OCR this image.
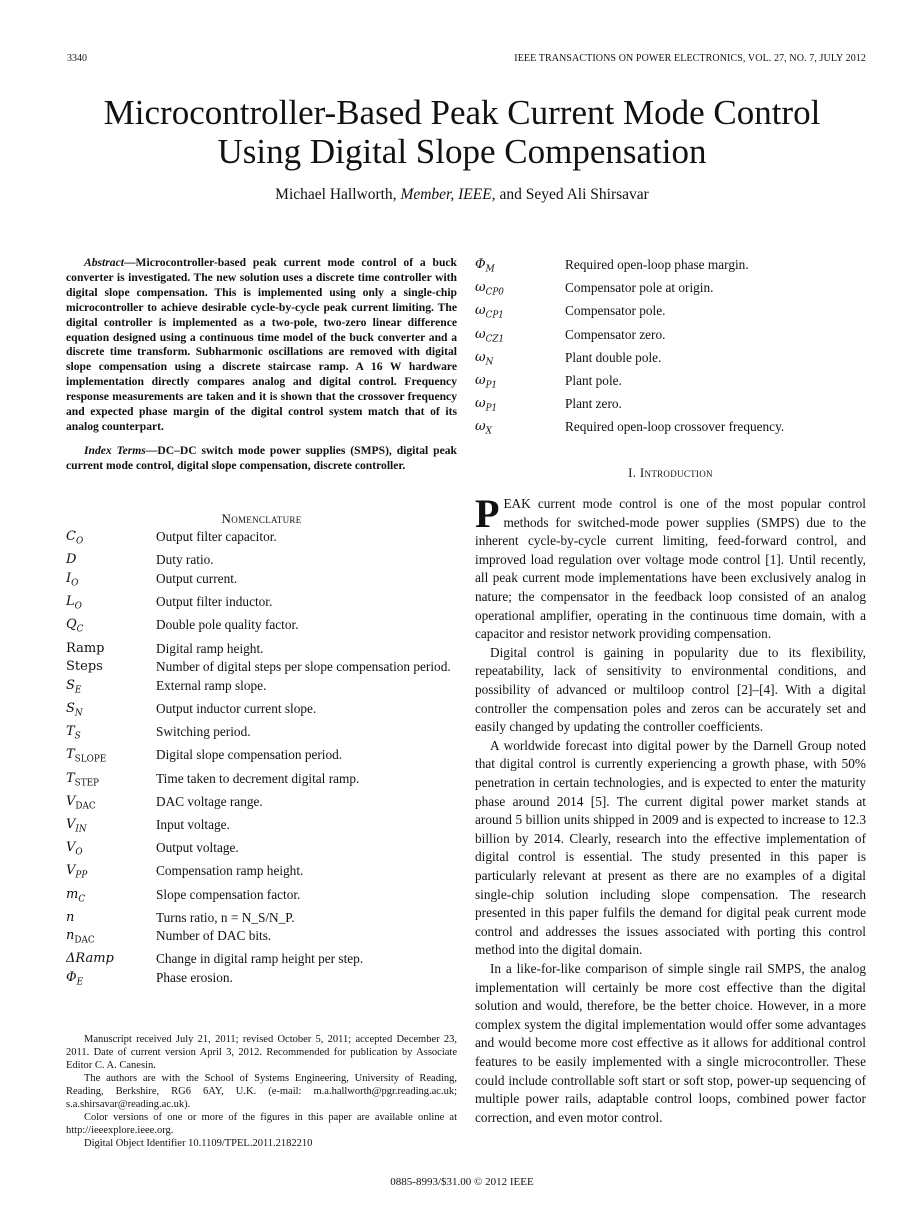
3340	IEEE TRANSACTIONS ON POWER ELECTRONICS, VOL. 27, NO. 7, JULY 2012
Microcontroller-Based Peak Current Mode Control
Using Digital Slope Compensation
Michael Hallworth, Member, IEEE, and Seyed Ali Shirsavar

Abstract—Microcontroller-based peak current mode control of a buck converter is investigated. The new solution uses a discrete time controller with digital slope compensation. This is implemented using only a single-chip microcontroller to achieve desirable cycle-by-cycle peak current limiting. The digital controller is implemented as a two-pole, two-zero linear difference equation designed using a continuous time model of the buck converter and a discrete time transform. Subharmonic oscillations are removed with digital slope compensation using a discrete staircase ramp. A 16 W hardware implementation directly compares analog and digital control. Frequency response measurements are taken and it is shown that the crossover frequency and expected phase margin of the digital control system match that of its analog counterpart.

Index Terms—DC–DC switch mode power supplies (SMPS), digital peak current mode control, digital slope compensation, discrete controller.

Nomenclature

$C_O$	Output filter capacitor.
D	Duty ratio.
$I_O$	Output current.
$L_O$	Output filter inductor.
$Q_C$	Double pole quality factor.
Ramp	Digital ramp height.
Steps	Number of digital steps per slope compensation period.
$S_E$	External ramp slope.
$S_N$	Output inductor current slope.
$T_S$	Switching period.
$T_{SLOPE}$	Digital slope compensation period.
$T_{STEP}$	Time taken to decrement digital ramp.
$V_{DAC}$	DAC voltage range.
$V_{IN}$	Input voltage.
$V_O$	Output voltage.
$V_{PP}$	Compensation ramp height.
$m_C$	Slope compensation factor.
n	Turns ratio, n = N_S/N_P.
$n_{DAC}$	Number of DAC bits.
ΔRamp	Change in digital ramp height per step.
$\Phi_E$	Phase erosion.

Manuscript received July 21, 2011; revised October 5, 2011; accepted December 23, 2011. Date of current version April 3, 2012. Recommended for publication by Associate Editor C. A. Canesin.

The authors are with the School of Systems Engineering, University of Reading, Reading, Berkshire, RG6 6AY, U.K. (e-mail: m.a.hallworth@pgr.reading.ac.uk; s.a.shirsavar@reading.ac.uk).

Color versions of one or more of the figures in this paper are available online at http://ieeexplore.ieee.org.

Digital Object Identifier 10.1109/TPEL.2011.2182210

$\Phi_M$	Required open-loop phase margin.
$\omega_{CP0}$	Compensator pole at origin.
$\omega_{CP1}$	Compensator pole.
$\omega_{CZ1}$	Compensator zero.
$\omega_N$	Plant double pole.
$\omega_{P1}$	Plant pole.
$\omega_{P1}$	Plant zero.
$\omega_X$	Required open-loop crossover frequency.

I. Introduction

PEAK current mode control is one of the most popular control methods for switched-mode power supplies (SMPS) due to the inherent cycle-by-cycle current limiting, feed-forward control, and improved load regulation over voltage mode control [1]. Until recently, all peak current mode implementations have been exclusively analog in nature; the compensator in the feedback loop consisted of an analog operational amplifier, operating in the continuous time domain, with a capacitor and resistor network providing compensation.

Digital control is gaining in popularity due to its flexibility, repeatability, lack of sensitivity to environmental conditions, and possibility of advanced or multiloop control [2]–[4]. With a digital controller the compensation poles and zeros can be accurately set and easily changed by updating the controller coefficients.

A worldwide forecast into digital power by the Darnell Group noted that digital control is currently experiencing a growth phase, with 50% penetration in certain technologies, and is expected to enter the maturity phase around 2014 [5]. The current digital power market stands at around 5 billion units shipped in 2009 and is expected to increase to 12.3 billion by 2014. Clearly, research into the effective implementation of digital control is essential. The study presented in this paper is particularly relevant at present as there are no examples of a digital single-chip solution including slope compensation. The research presented in this paper fulfils the demand for digital peak current mode control and addresses the issues associated with porting this control method into the digital domain.

In a like-for-like comparison of simple single rail SMPS, the analog implementation will certainly be more cost effective than the digital solution and would, therefore, be the better choice. However, in a more complex system the digital implementation would offer some advantages and would become more cost effective as it allows for additional control features to be easily implemented with a single microcontroller. These could include controllable soft start or soft stop, power-up sequencing of multiple power rails, adaptable control loops, combined power factor correction, and even motor control.

0885-8993/$31.00 © 2012 IEEE
